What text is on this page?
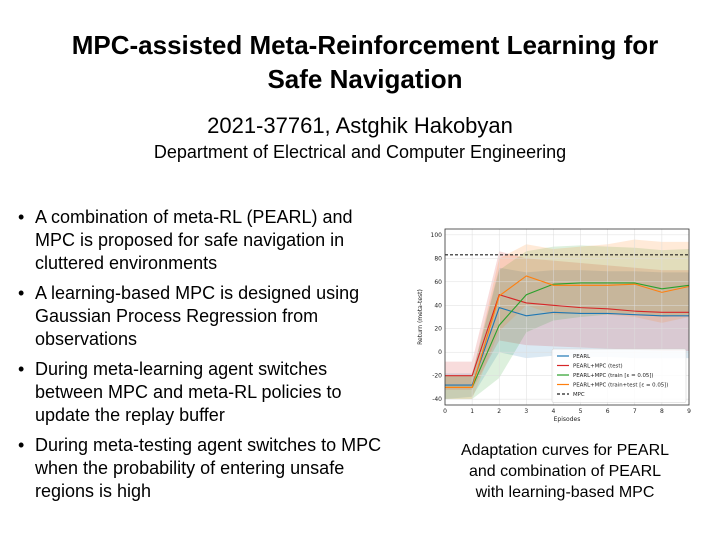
MPC-assisted Meta-Reinforcement Learning for
Safe Navigation
2021-37761, Astghik Hakobyan
Department of Electrical and Computer Engineering
• A combination of meta-RL (PEARL) and
MPC is proposed for safe navigation in
cluttered environments
• A learning-based MPC is designed using
Gaussian Process Regression from
observations
• During meta-learning agent switches
between MPC and meta-RL policies to
update the replay buffer
• During meta-testing agent switches to MPC
when the probability of entering unsafe
regions is high
0	1	2	3	4	5	6	7	8	9
-40
-20
0
20
40
60
80
100
Episodes
Return (meta-test)
PEARL
PEARL+MPC (test)
PEARL+MPC (train [ε = 0.05])
PEARL+MPC (train+test [ε = 0.05])
MPC
Adaptation curves for PEARL
and combination of PEARL
with learning-based MPC
